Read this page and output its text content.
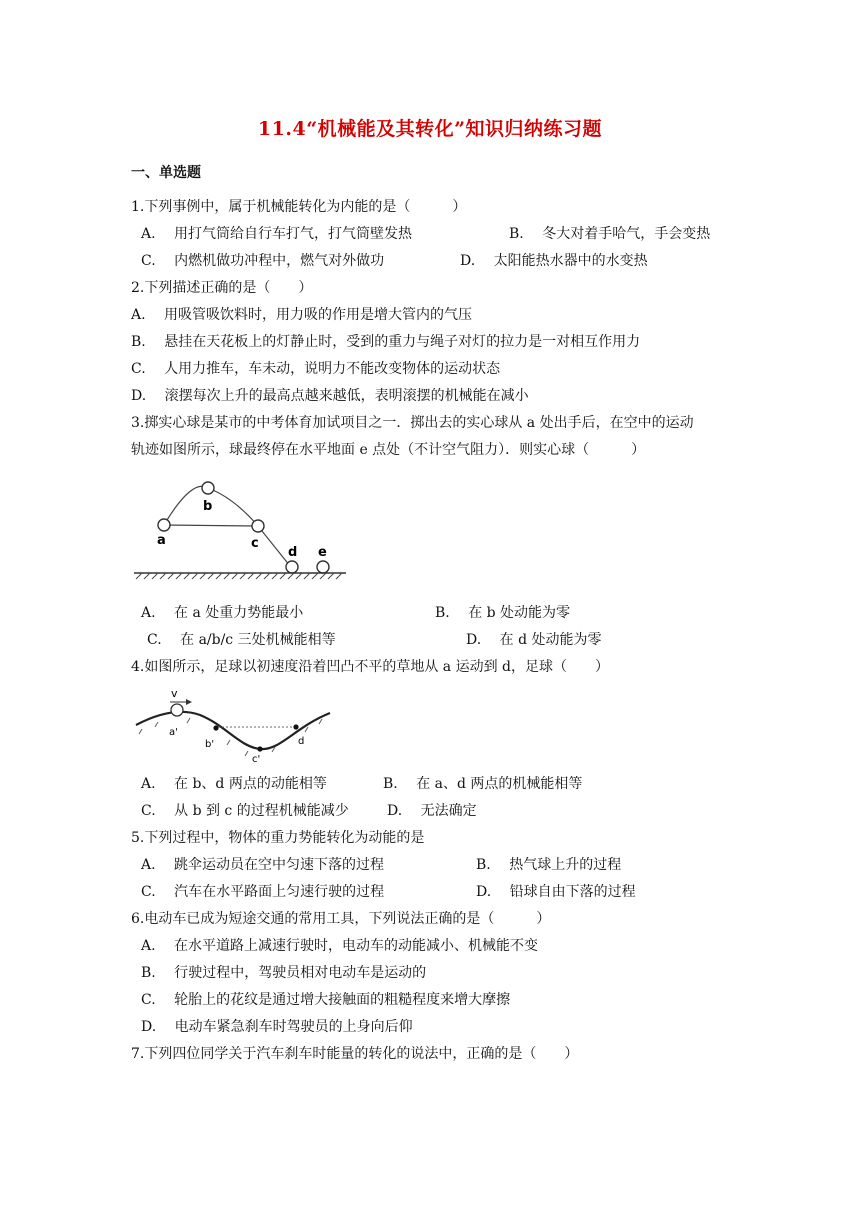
11.4“机械能及其转化”知识归纳练习题
一、单选题
1.下列事例中，属于机械能转化为内能的是（　　　）
A.　 用打气筒给自行车打气，打气筒壁发热	B.　 冬大对着手哈气，手会变热
C.　 内燃机做功冲程中，燃气对外做功	D.　 太阳能热水器中的水变热
2.下列描述正确的是（　　）
A.　 用吸管吸饮料时，用力吸的作用是增大管内的气压
B.　 悬挂在天花板上的灯静止时，受到的重力与绳子对灯的拉力是一对相互作用力
C.　 人用力推车，车未动，说明力不能改变物体的运动状态
D.　 滚摆每次上升的最高点越来越低，表明滚摆的机械能在减小
3.掷实心球是某市的中考体育加试项目之一．掷出去的实心球从 a 处出手后，在空中的运动
轨迹如图所示，球最终停在水平地面 e 点处（不计空气阻力）．则实心球（　　　）
a
b
c
d e
A.　 在 a 处重力势能最小	B.　 在 b 处动能为零
C.　 在 a/b/c 三处机械能相等	D.　 在 d 处动能为零
4.如图所示，足球以初速度沿着凹凸不平的草地从 a 运动到 d，足球（　　）
v
a'
b'
c'
d
A.　 在 b、d 两点的动能相等	B.　 在 a、d 两点的机械能相等
C.　 从 b 到 c 的过程机械能减少	D.　 无法确定
5.下列过程中，物体的重力势能转化为动能的是
A.　 跳伞运动员在空中匀速下落的过程	B.　 热气球上升的过程
C.　 汽车在水平路面上匀速行驶的过程	D.　 铅球自由下落的过程
6.电动车已成为短途交通的常用工具，下列说法正确的是（　　　）
A.　 在水平道路上减速行驶时，电动车的动能减小、机械能不变
B.　 行驶过程中，驾驶员相对电动车是运动的
C.　 轮胎上的花纹是通过增大接触面的粗糙程度来增大摩擦
D.　 电动车紧急刹车时驾驶员的上身向后仰
7.下列四位同学关于汽车刹车时能量的转化的说法中，正确的是（　　）
